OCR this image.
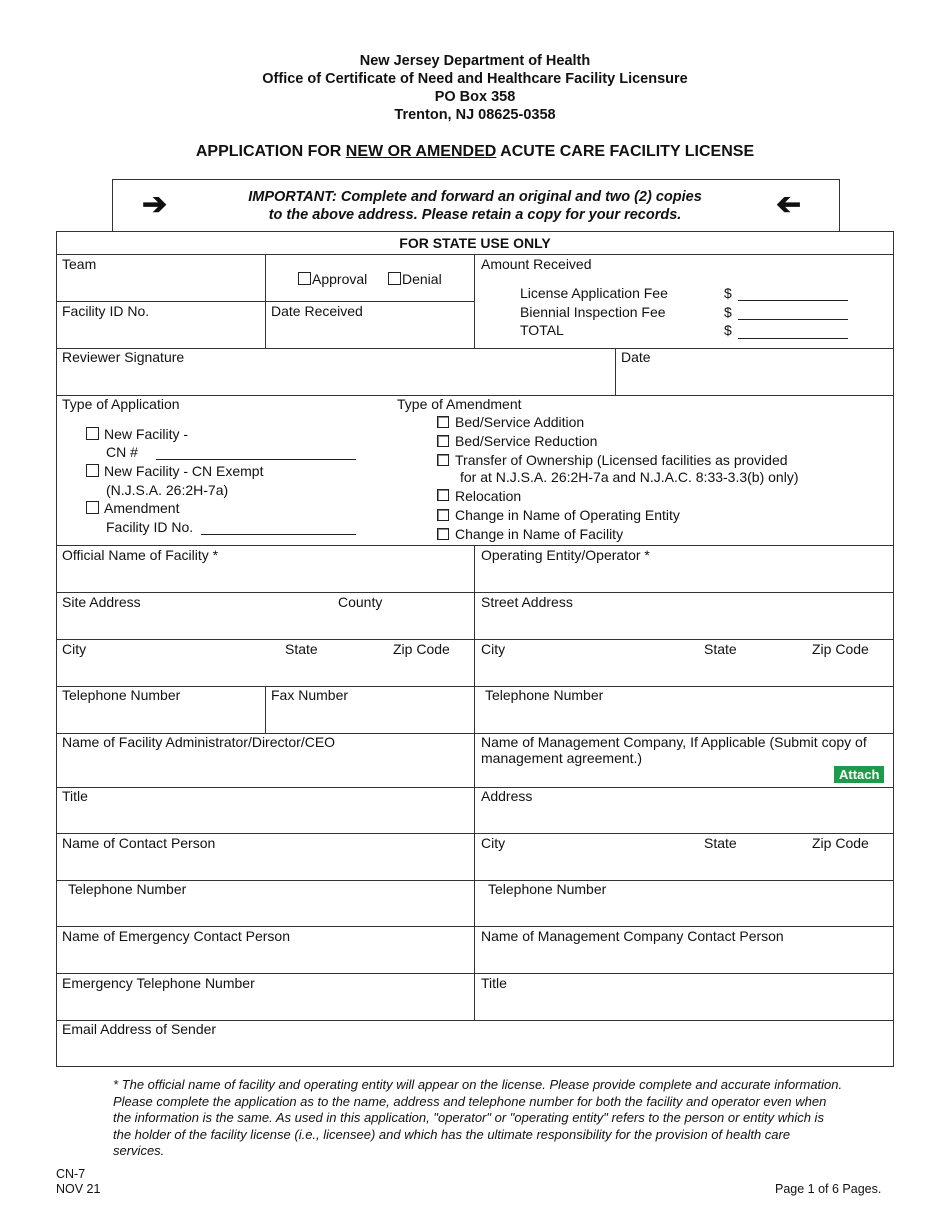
New Jersey Department of Health
Office of Certificate of Need and Healthcare Facility Licensure
PO Box 358
Trenton, NJ 08625-0358
APPLICATION FOR NEW OR AMENDED ACUTE CARE FACILITY LICENSE
➔	➔
IMPORTANT: Complete and forward an original and two (2) copies
to the above address. Please retain a copy for your records.
FOR STATE USE ONLY
Team
Approval Denial
Amount Received
License Application Fee	$
Biennial Inspection Fee	$
TOTAL	$
Facility ID No.	Date Received
Reviewer Signature	Date
Type of Application
New Facility -
CN #
New Facility - CN Exempt
(N.J.S.A. 26:2H-7a)
Amendment
Facility ID No.
Type of Amendment
Bed/Service Addition
Bed/Service Reduction
Transfer of Ownership (Licensed facilities as provided
for at N.J.S.A. 26:2H-7a and N.J.A.C. 8:33-3.3(b) only)
Relocation
Change in Name of Operating Entity
Change in Name of Facility
Official Name of Facility *	Operating Entity/Operator *
Site Address	County	Street Address
City	State	Zip Code City	State	Zip Code
Telephone Number	Fax Number	Telephone Number
Name of Facility Administrator/Director/CEO	Name of Management Company, If Applicable (Submit copy of
management agreement.)
Attach
Title	Address
Name of Contact Person	City	State	Zip Code
Telephone Number	Telephone Number
Name of Emergency Contact Person	Name of Management Company Contact Person
Emergency Telephone Number	Title
Email Address of Sender
* The official name of facility and operating entity will appear on the license. Please provide complete and accurate information. Please complete the application as to the name, address and telephone number for both the facility and operator even when the information is the same. As used in this application, "operator" or "operating entity" refers to the person or entity which is the holder of the facility license (i.e., licensee) and which has the ultimate responsibility for the provision of health care services.
CN-7
NOV 21	Page 1 of 6 Pages.
